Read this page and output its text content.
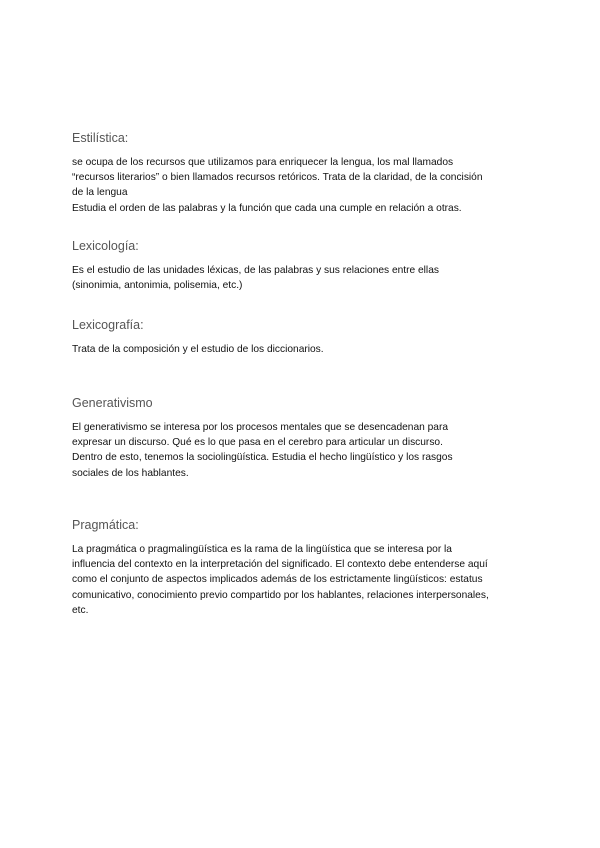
Estilística:

se ocupa de los recursos que utilizamos para enriquecer la lengua, los mal llamados
“recursos literarios” o bien llamados recursos retóricos. Trata de la claridad, de la concisión
de la lengua
Estudia el orden de las palabras y la función que cada una cumple en relación a otras.

Lexicología:

Es el estudio de las unidades léxicas, de las palabras y sus relaciones entre ellas
(sinonimia, antonimia, polisemia, etc.)

Lexicografía:

Trata de la composición y el estudio de los diccionarios.

Generativismo

El generativismo se interesa por los procesos mentales que se desencadenan para
expresar un discurso. Qué es lo que pasa en el cerebro para articular un discurso.
Dentro de esto, tenemos la sociolingüística. Estudia el hecho lingüístico y los rasgos
sociales de los hablantes.

Pragmática:

La pragmática o pragmalingüística es la rama de la lingüística que se interesa por la
influencia del contexto en la interpretación del significado. El contexto debe entenderse aquí
como el conjunto de aspectos implicados además de los estrictamente lingüísticos: estatus
comunicativo, conocimiento previo compartido por los hablantes, relaciones interpersonales,
etc.
